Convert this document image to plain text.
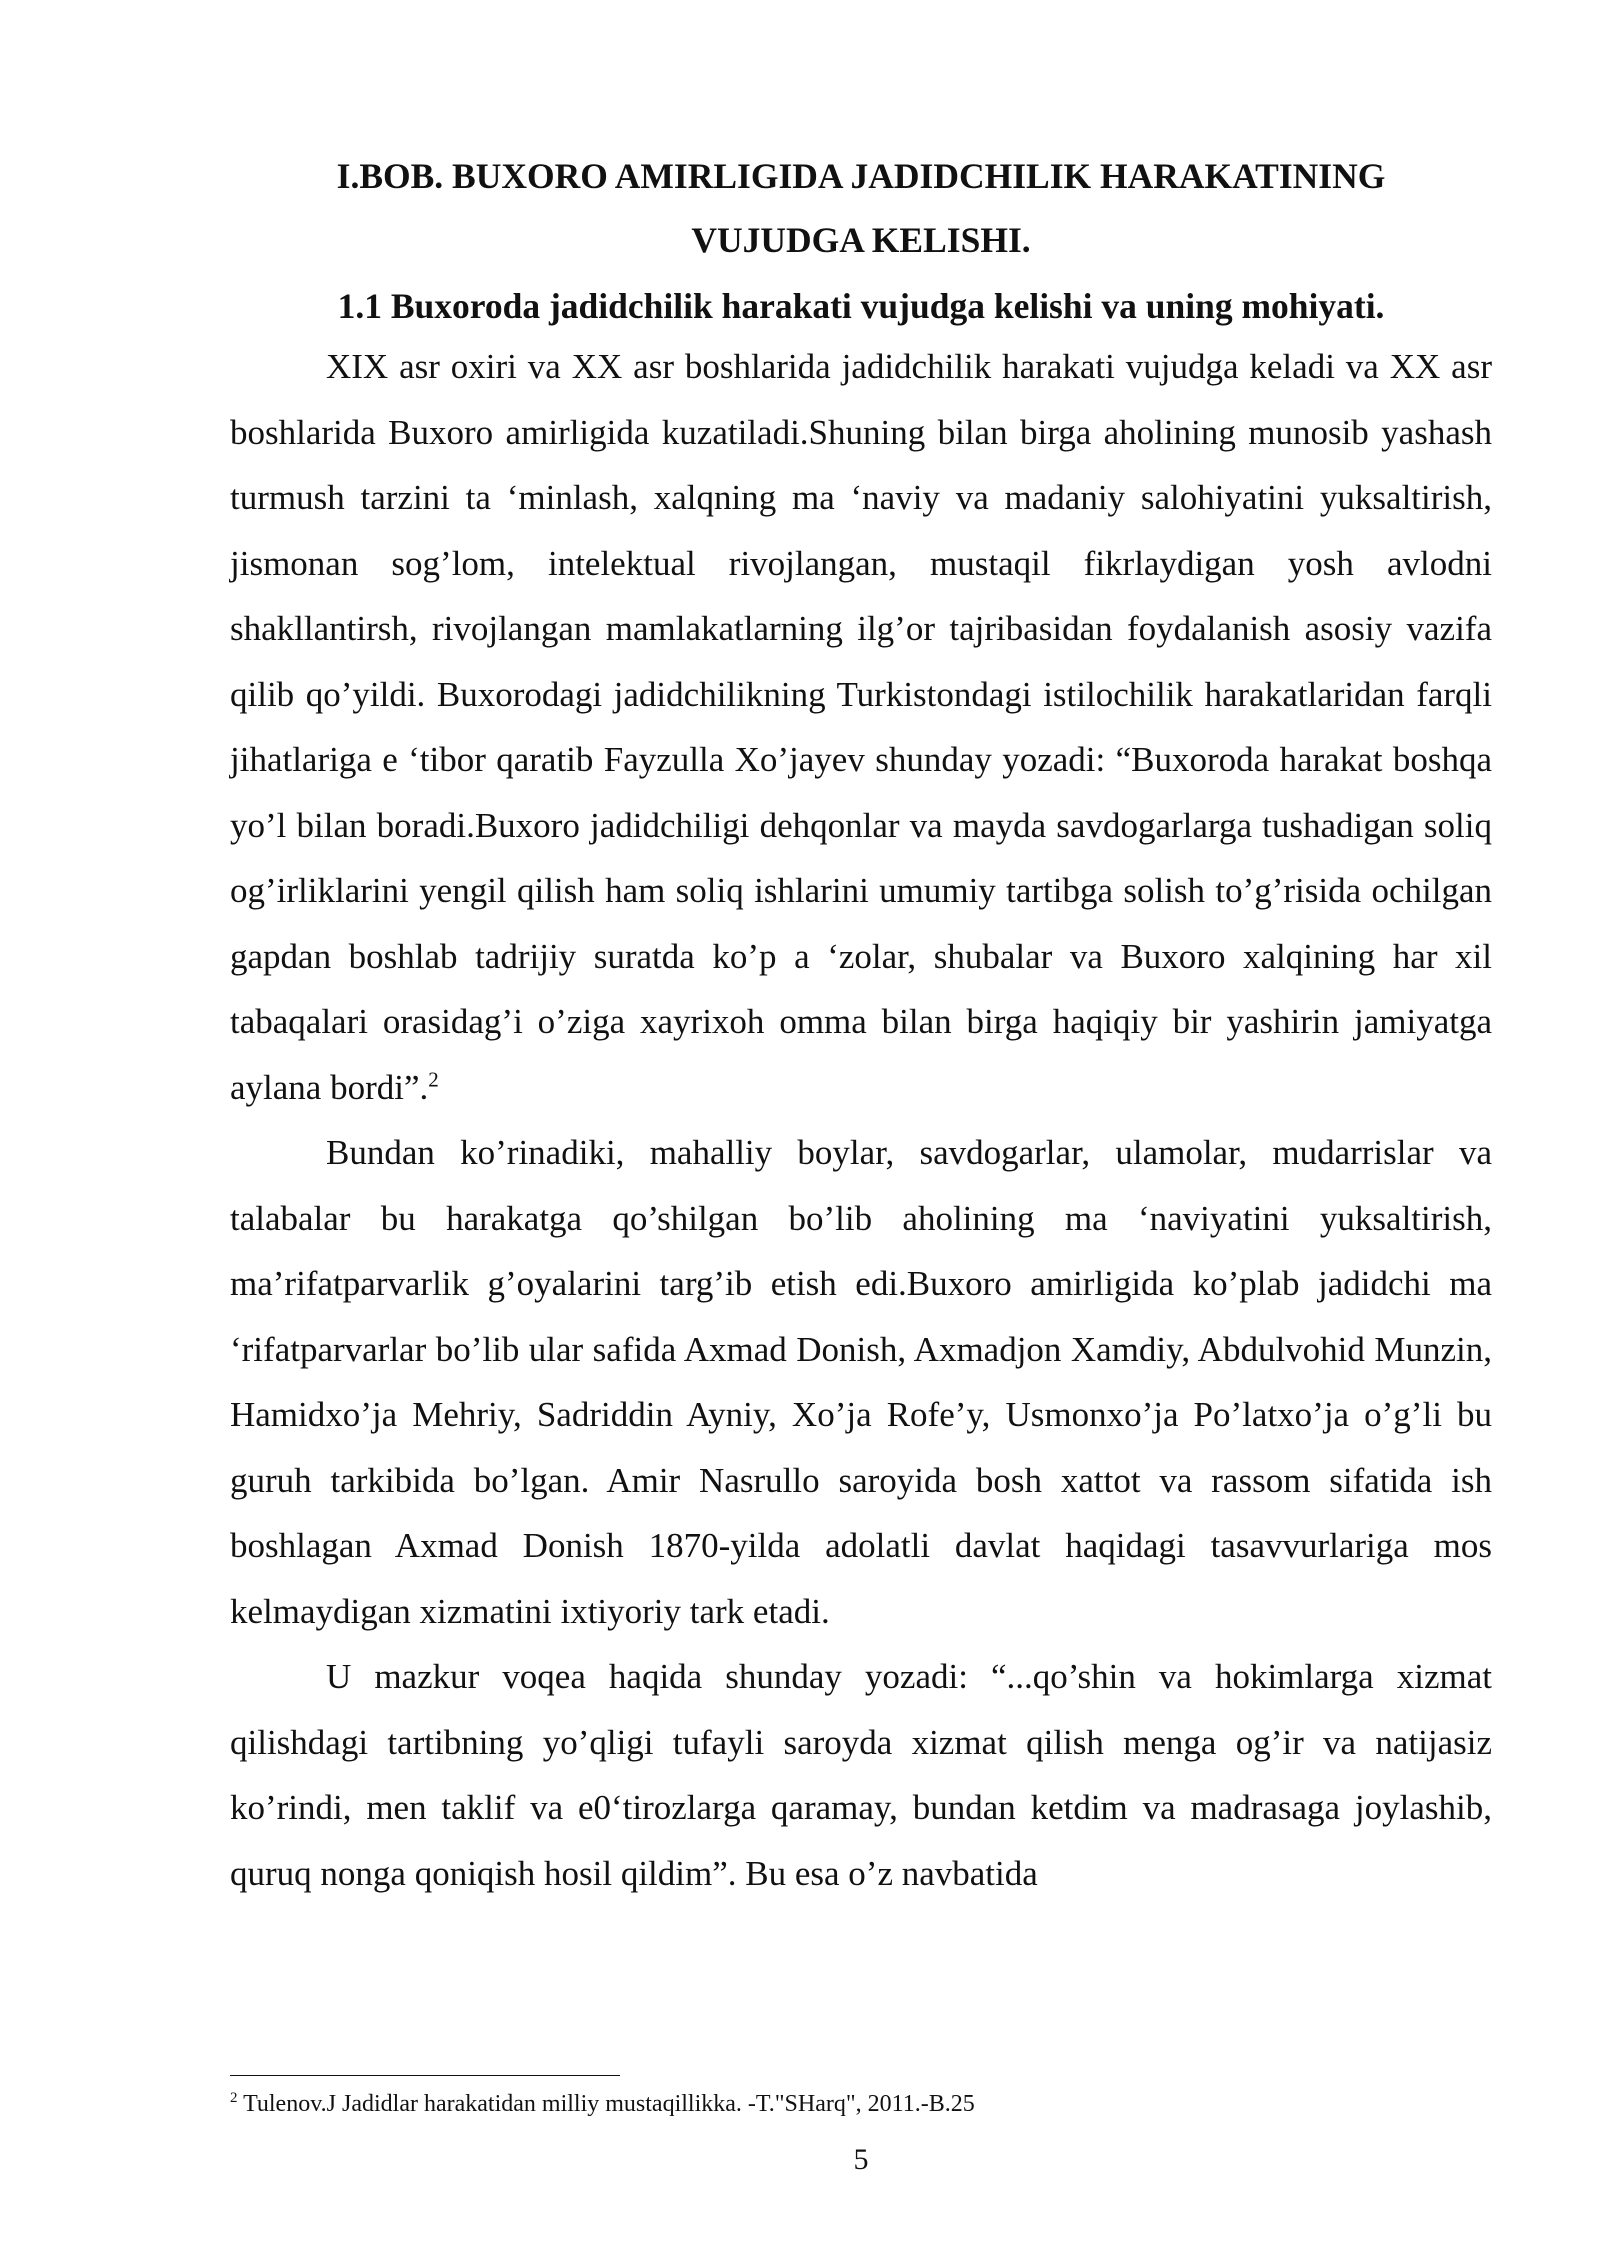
I.BOB. BUXORO AMIRLIGIDA JADIDCHILIK HARAKATINING

VUJUDGA KELISHI.

1.1 Buxoroda jadidchilik harakati vujudga kelishi va uning mohiyati.

XIX asr oxiri va XX asr boshlarida jadidchilik harakati vujudga keladi va XX asr boshlarida Buxoro amirligida kuzatiladi.Shuning bilan birga aholining munosib yashash turmush tarzini ta ‘minlash, xalqning ma ‘naviy va madaniy salohiyatini yuksaltirish, jismonan sog’lom, intelektual rivojlangan, mustaqil fikrlaydigan yosh avlodni shakllantirsh, rivojlangan mamlakatlarning ilg’or tajribasidan foydalanish asosiy vazifa qilib qo’yildi. Buxorodagi jadidchilikning Turkistondagi istilochilik harakatlaridan farqli jihatlariga e ‘tibor qaratib Fayzulla Xo’jayev shunday yozadi: “Buxoroda harakat boshqa yo’l bilan boradi.Buxoro jadidchiligi dehqonlar va mayda savdogarlarga tushadigan soliq og’irliklarini yengil qilish ham soliq ishlarini umumiy tartibga solish to’g’risida ochilgan gapdan boshlab tadrijiy suratda ko’p a ‘zolar, shubalar va Buxoro xalqining har xil tabaqalari orasidag’i o’ziga xayrixoh omma bilan birga haqiqiy bir yashirin jamiyatga aylana bordi”.$^2$

Bundan ko’rinadiki, mahalliy boylar, savdogarlar, ulamolar, mudarrislar va talabalar bu harakatga qo’shilgan bo’lib aholining ma ‘naviyatini yuksaltirish, ma’rifatparvarlik g’oyalarini targ’ib etish edi.Buxoro amirligida ko’plab jadidchi ma ‘rifatparvarlar bo’lib ular safida Axmad Donish, Axmadjon Xamdiy, Abdulvohid Munzin, Hamidxo’ja Mehriy, Sadriddin Ayniy, Xo’ja Rofe’y, Usmonxo’ja Po’latxo’ja o’g’li bu guruh tarkibida bo’lgan. Amir Nasrullo saroyida bosh xattot va rassom sifatida ish boshlagan Axmad Donish 1870-yilda adolatli davlat haqidagi tasavvurlariga mos kelmaydigan xizmatini ixtiyoriy tark etadi.

U mazkur voqea haqida shunday yozadi: “...qo’shin va hokimlarga xizmat qilishdagi tartibning yo’qligi tufayli saroyda xizmat qilish menga og’ir va natijasiz ko’rindi, men taklif va e0‘tirozlarga qaramay, bundan ketdim va madrasaga joylashib, quruq nonga qoniqish hosil qildim”. Bu esa o’z navbatida

$^2$ Tulenov.J Jadidlar harakatidan milliy mustaqillikka. -T."SHarq", 2011.-B.25
5
